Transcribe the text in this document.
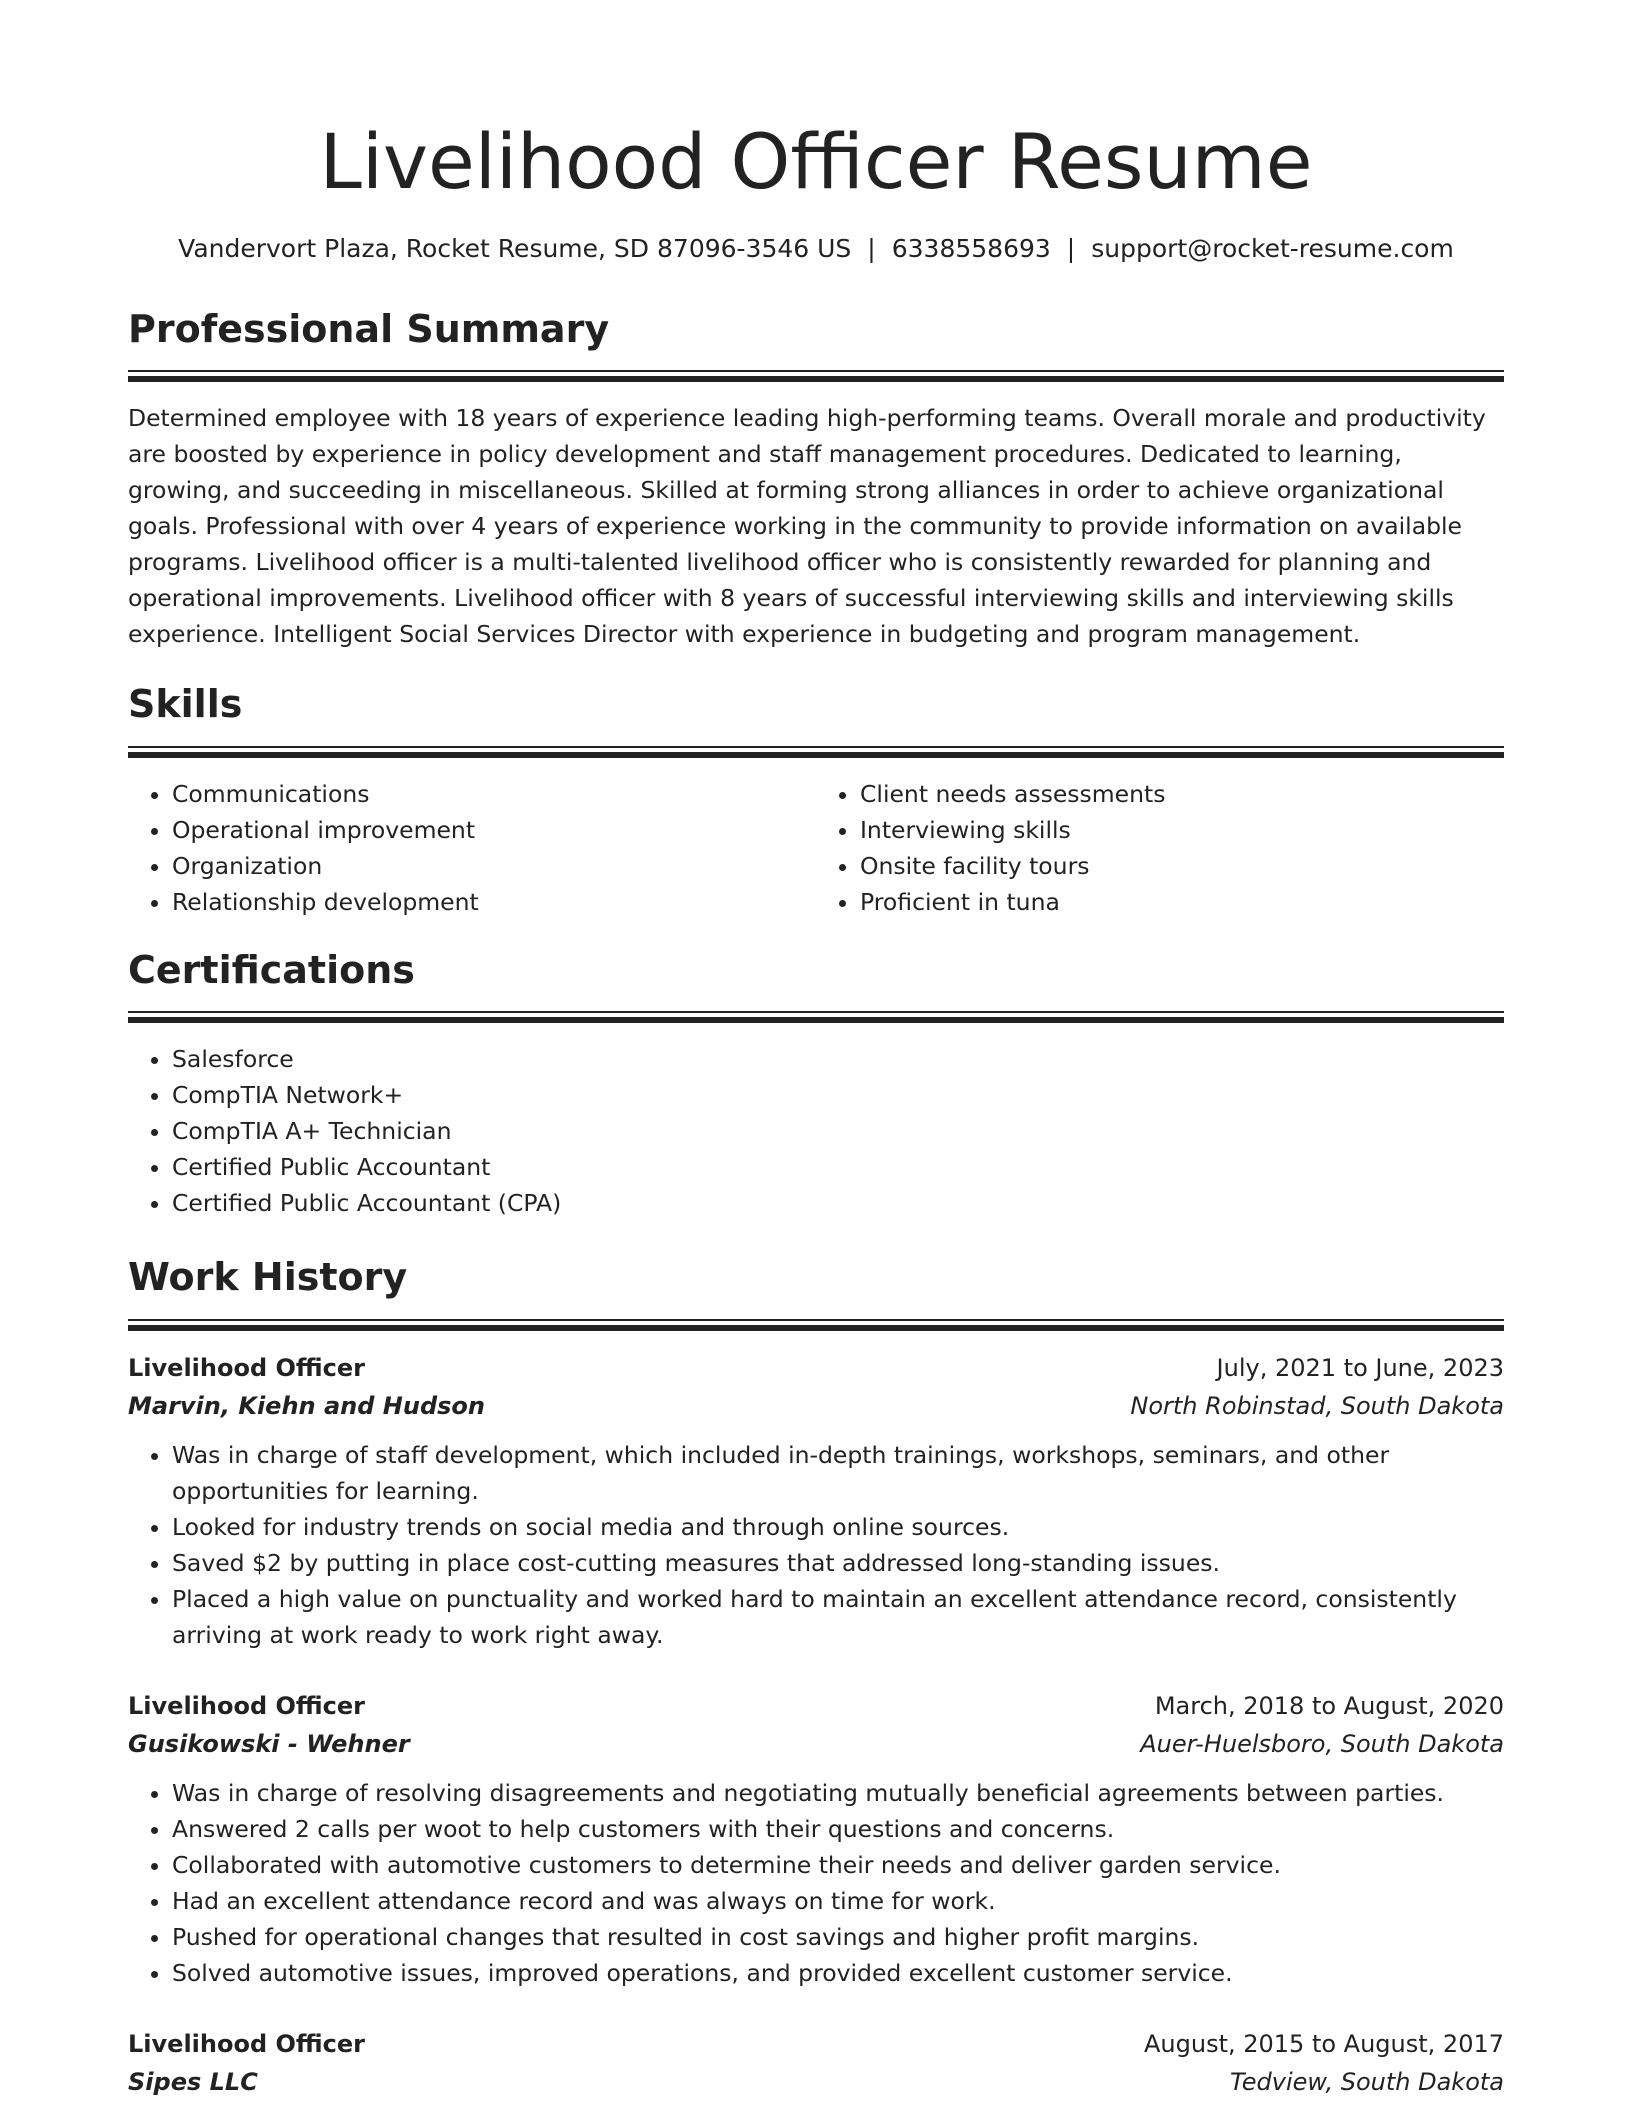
Livelihood Officer Resume
Vandervort Plaza, Rocket Resume, SD 87096-3546 US | 6338558693 | support@rocket-resume.com
Professional Summary
Determined employee with 18 years of experience leading high-performing teams. Overall morale and productivity are boosted by experience in policy development and staff management procedures. Dedicated to learning, growing, and succeeding in miscellaneous. Skilled at forming strong alliances in order to achieve organizational goals. Professional with over 4 years of experience working in the community to provide information on available programs. Livelihood officer is a multi-talented livelihood officer who is consistently rewarded for planning and operational improvements. Livelihood officer with 8 years of successful interviewing skills and interviewing skills experience. Intelligent Social Services Director with experience in budgeting and program management.
Skills
• Communications
• Operational improvement
• Organization
• Relationship development
• Client needs assessments
• Interviewing skills
• Onsite facility tours
• Proficient in tuna
Certifications
• Salesforce
• CompTIA Network+
• CompTIA A+ Technician
• Certified Public Accountant
• Certified Public Accountant (CPA)
Work History
Livelihood Officer	July, 2021 to June, 2023
Marvin, Kiehn and Hudson	North Robinstad, South Dakota
• Was in charge of staff development, which included in-depth trainings, workshops, seminars, and other opportunities for learning.
• Looked for industry trends on social media and through online sources.
• Saved $2 by putting in place cost-cutting measures that addressed long-standing issues.
• Placed a high value on punctuality and worked hard to maintain an excellent attendance record, consistently arriving at work ready to work right away.
Livelihood Officer	March, 2018 to August, 2020
Gusikowski - Wehner	Auer-Huelsboro, South Dakota
• Was in charge of resolving disagreements and negotiating mutually beneficial agreements between parties.
• Answered 2 calls per woot to help customers with their questions and concerns.
• Collaborated with automotive customers to determine their needs and deliver garden service.
• Had an excellent attendance record and was always on time for work.
• Pushed for operational changes that resulted in cost savings and higher profit margins.
• Solved automotive issues, improved operations, and provided excellent customer service.
Livelihood Officer	August, 2015 to August, 2017
Sipes LLC	Tedview, South Dakota
